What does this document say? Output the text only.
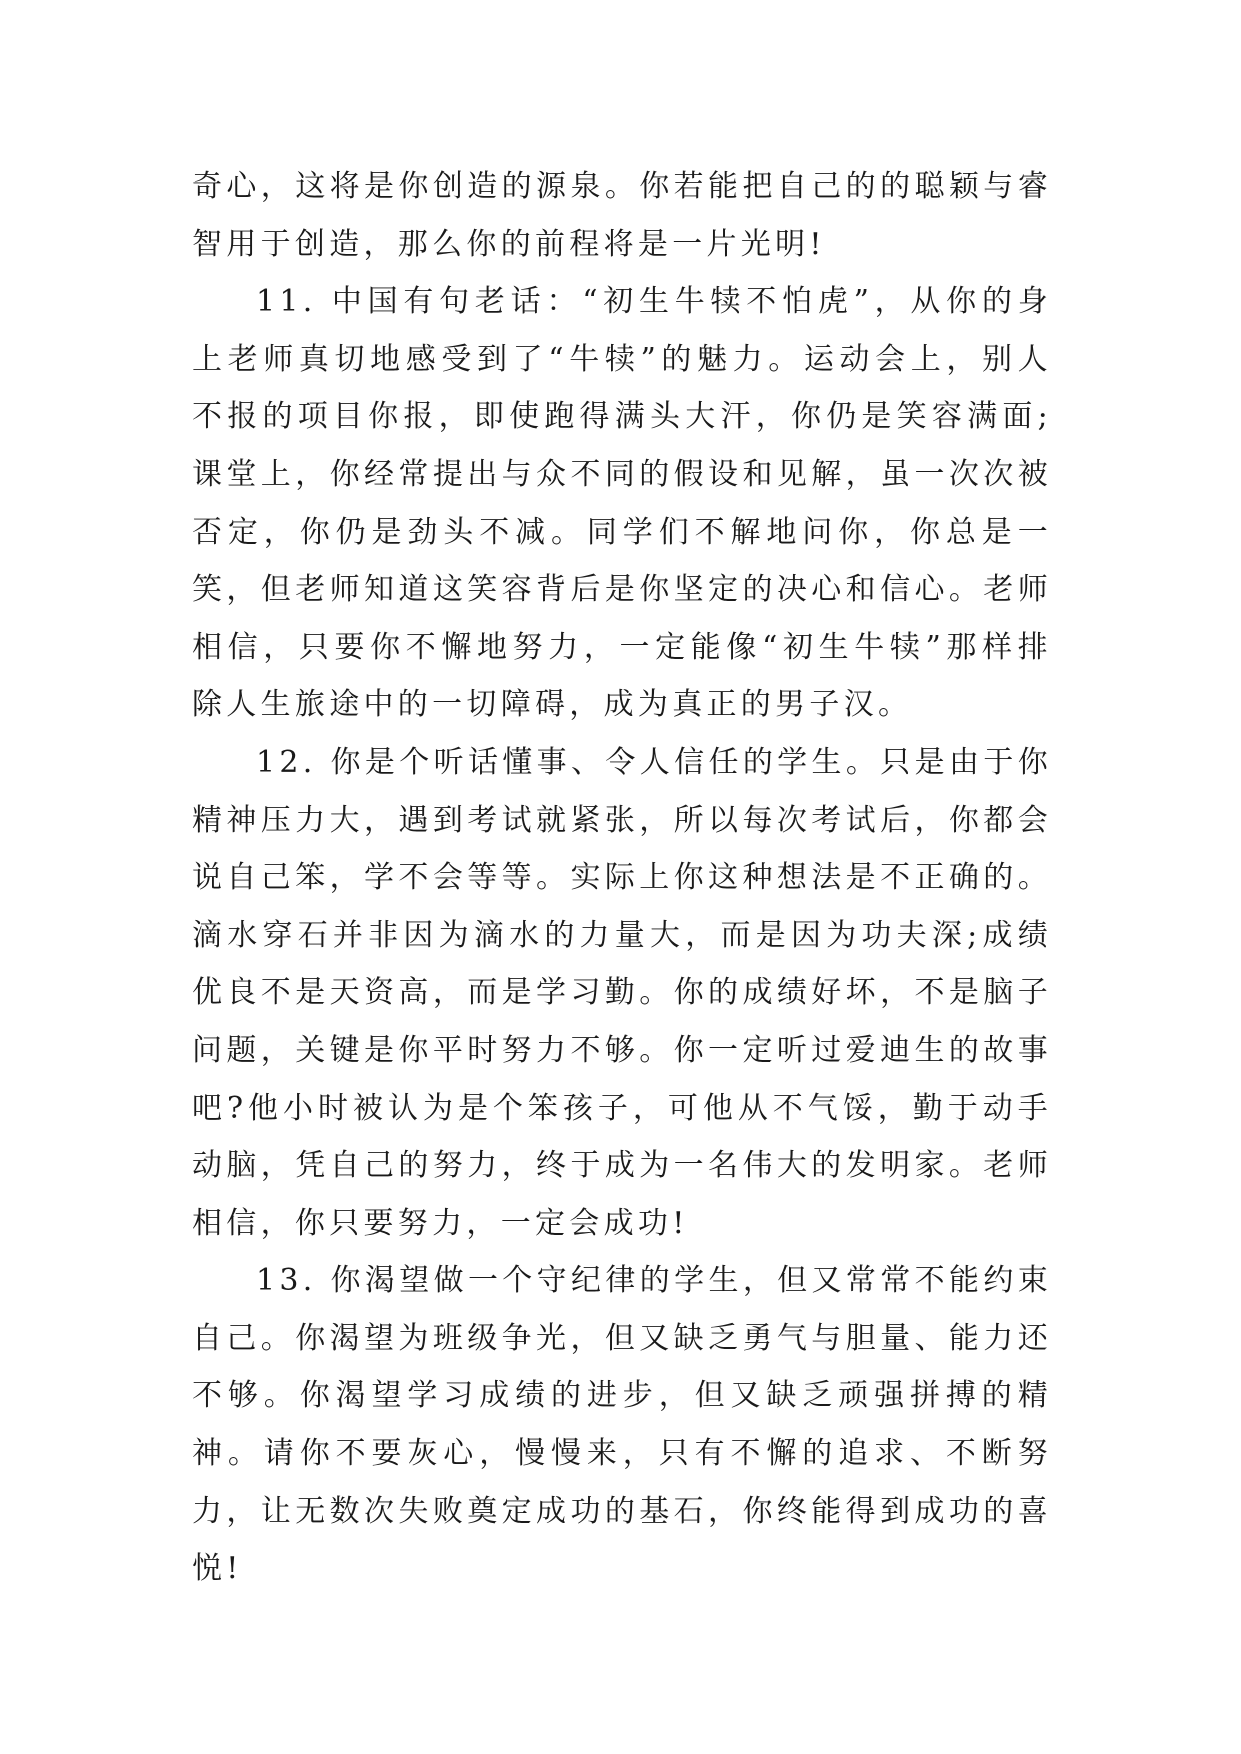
奇心，这将是你创造的源泉。你若能把自己的的聪颖与睿智用于创造，那么你的前程将是一片光明!

11. 中国有句老话：“初生牛犊不怕虎”，从你的身上老师真切地感受到了“牛犊”的魅力。运动会上，别人不报的项目你报，即使跑得满头大汗，你仍是笑容满面;课堂上，你经常提出与众不同的假设和见解，虽一次次被否定，你仍是劲头不减。同学们不解地问你，你总是一笑，但老师知道这笑容背后是你坚定的决心和信心。老师相信，只要你不懈地努力，一定能像“初生牛犊”那样排除人生旅途中的一切障碍，成为真正的男子汉。

12. 你是个听话懂事、令人信任的学生。只是由于你精神压力大，遇到考试就紧张，所以每次考试后，你都会说自己笨，学不会等等。实际上你这种想法是不正确的。滴水穿石并非因为滴水的力量大，而是因为功夫深;成绩优良不是天资高，而是学习勤。你的成绩好坏，不是脑子问题，关键是你平时努力不够。你一定听过爱迪生的故事吧?他小时被认为是个笨孩子，可他从不气馁，勤于动手动脑，凭自己的努力，终于成为一名伟大的发明家。老师相信，你只要努力，一定会成功!

13. 你渴望做一个守纪律的学生，但又常常不能约束自己。你渴望为班级争光，但又缺乏勇气与胆量、能力还不够。你渴望学习成绩的进步，但又缺乏顽强拼搏的精神。请你不要灰心，慢慢来，只有不懈的追求、不断努力，让无数次失败奠定成功的基石，你终能得到成功的喜悦!
